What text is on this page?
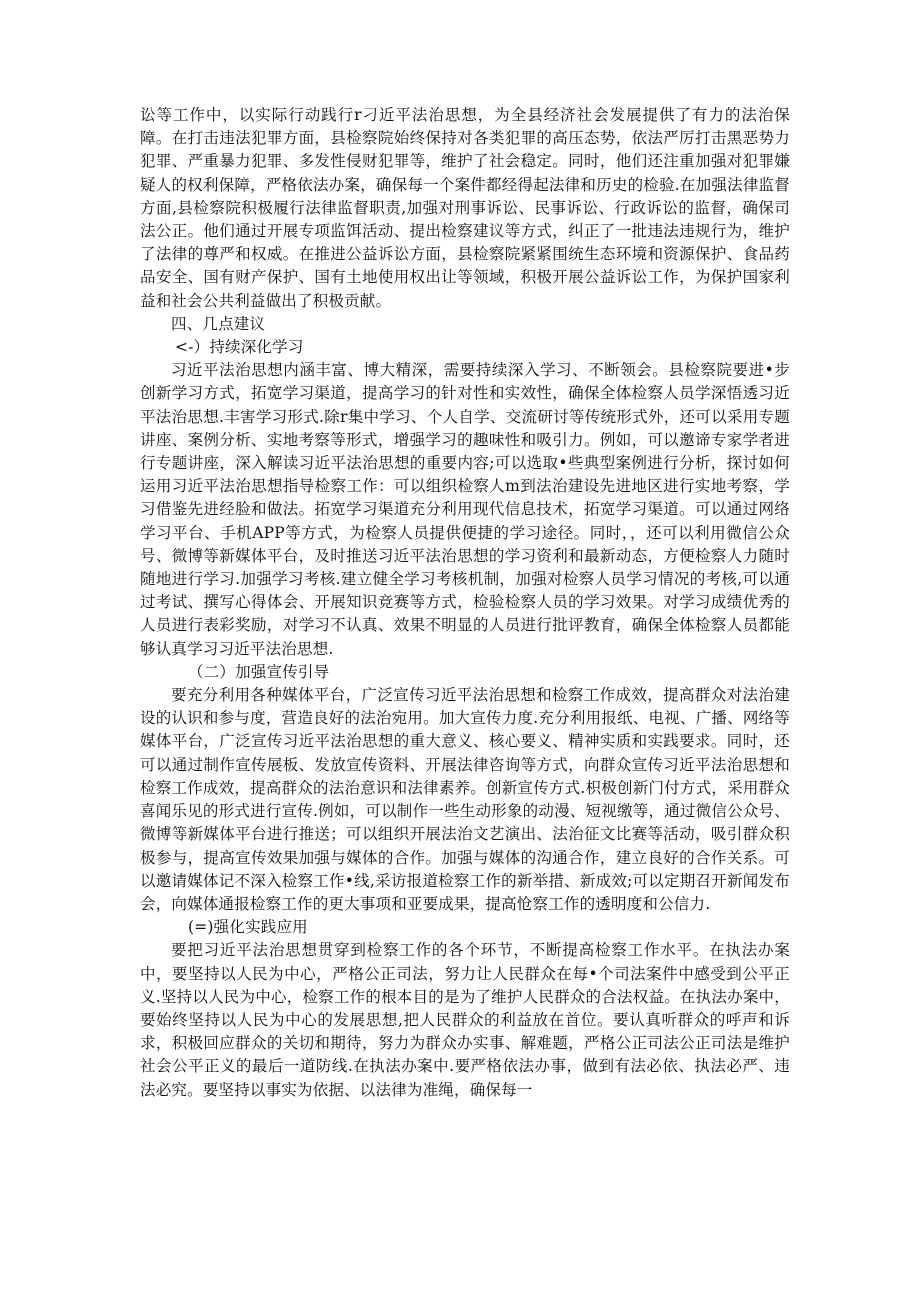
讼等工作中，以实际行动践行r刁近平法治思想，为全县经济社会发展提供了有力的法治保障。在打击违法犯罪方面，县检察院始终保持对各类犯罪的高压态势，依法严厉打击黑恶势力犯罪、严重暴力犯罪、多发性侵财犯罪等，维护了社会稳定。同时，他们还注重加强对犯罪嫌疑人的权利保障，严格依法办案，确保每一个案件都经得起法律和历史的检验.在加强法律监督方面,县检察院积极履行法律监督职责,加强对刑事诉讼、民事诉讼、行政诉讼的监督，确保司法公正。他们通过开展专项监饵活动、提出检察建议等方式，纠正了一批违法违规行为，维护了法律的尊严和权威。在推进公益诉讼方面，县检察院紧紧围统生态环境和资源保护、食品药品安全、国有财产保护、国有土地使用权出让等领域，积极开展公益诉讼工作，为保护国家利益和社会公共利益做出了积极贡献。

四、几点建议

<-）持续深化学习

习近平法治思想内涵丰富、博大精深，需要持续深入学习、不断领会。县检察院要进•步创新学习方式，拓宽学习渠道，提高学习的针对性和实效性，确保全体检察人员学深悟透习近平法治思想.丰害学习形式.除r集中学习、个人自学、交流研讨等传统形式外，还可以采用专题讲座、案例分析、实地考察等形式，增强学习的趣味性和吸引力。例如，可以邀谛专家学者进行专题讲座，深入解读习近平法治思想的重要内容;可以选取•些典型案例进行分析，探讨如何运用习近平法治思想指导检察工作：可以组织检察人m到法治建设先进地区进行实地考察，学习借鉴先进经脸和做法。拓宽学习渠道充分利用现代信息技术，拓宽学习渠道。可以通过网络学习平台、手机APP等方式，为检察人员提供便捷的学习途径。同时，，还可以利用微信公众号、微博等新媒体平台，及时推送习近平法治思想的学习资利和最新动态，方便检察人力随时随地进行学习.加强学习考核.建立健全学习考核机制，加强对检察人员学习情况的考核,可以通过考试、撰写心得体会、开展知识竞赛等方式，检验检察人员的学习效果。对学习成绩优秀的人员进行表彩奖励，对学习不认真、效果不明显的人员进行批评教育，确保全体检察人员都能够认真学习习近平法治思想.

（二）加强宣传引导

要充分利用各种媒体平台，广泛宣传习近平法治思想和检察工作成效，提高群众对法治建设的认识和参与度，营造良好的法治宛用。加大宣传力度.充分利用报纸、电视、广播、网络等媒体平台，广泛宣传习近平法治思想的重大意义、核心要义、精神实质和实践要求。同时，还可以通过制作宣传展板、发放宣传资料、开展法律咨询等方式，向群众宣传习近平法治思想和检察工作成效，提高群众的法治意识和法律素养。创新宣传方式.枳极创新门付方式，采用群众喜闻乐见的形式进行宣传.例如，可以制作一些生动形象的动漫、短视缴等，通过微信公众号、微博等新媒体平台进行推送；可以组织开展法治文艺演出、法治征文比赛等活动，吸引群众积极参与，提高宣传效果加强与媒体的合作。加强与媒体的沟通合作，建立良好的合作关系。可以邀请媒体记不深入检察工作•线,采访报道检察工作的新举措、新成效;可以定期召开新闻发布会，向媒体通报检察工作的更大事项和亚要成果，提高怆察工作的透明度和公信力.

(=)强化实践应用

要把习近平法治思想贯穿到检察工作的各个环节，不断提高检察工作水平。在执法办案中，要坚持以人民为中心，严格公正司法，努力让人民群众在每•个司法案件中感受到公平正义.坚持以人民为中心，检察工作的根本目的是为了维护人民群众的合法权益。在执法办案中，要始终坚持以人民为中心的发展思想,把人民群众的利益放在首位。要认真听群众的呼声和诉求，积极回应群众的关切和期待，努力为群众办实事、解难题，严格公正司法公正司法是维护社会公平正义的最后一道防线.在执法办案中.要严格依法办事，做到有法必依、执法必严、违法必究。要坚持以事实为依据、以法律为准绳，确保每一
